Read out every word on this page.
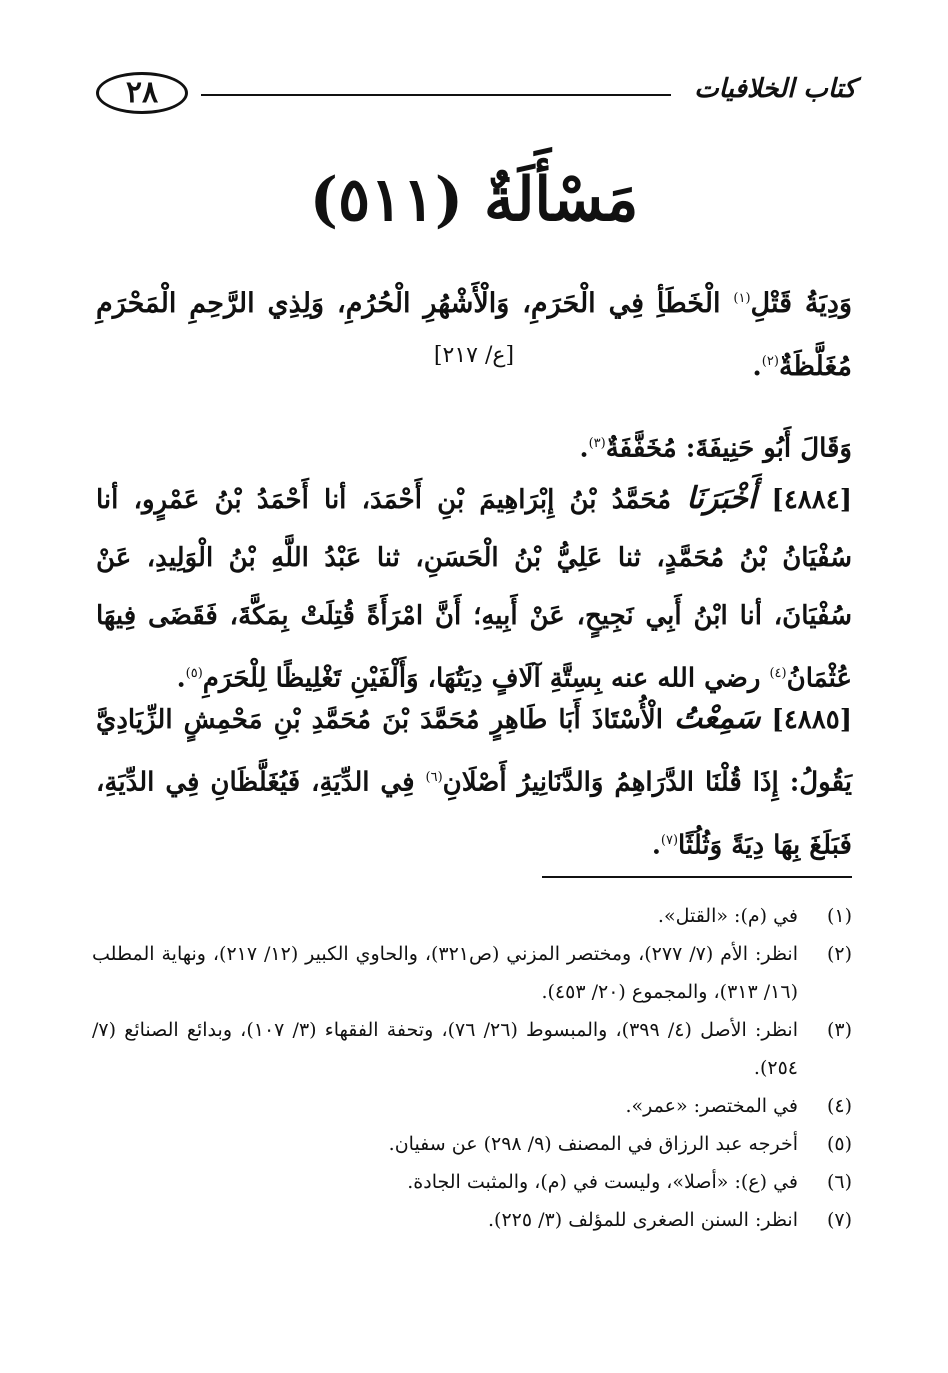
٢٨	كتاب الخلافيات
مَسْأَلَةٌ (٥١١)
وَدِيَةُ قَتْلِ$^{(١)}$ الْخَطَأِ فِي الْحَرَمِ، وَالْأَشْهُرِ الْحُرُمِ، وَلِذِي الرَّحِمِ الْمَحْرَمِ مُغَلَّظَةٌ$^{(٢)}$.
[ع/ ٢١٧]
وَقَالَ أَبُو حَنِيفَةَ: مُخَفَّفَةٌ$^{(٣)}$.
[٤٨٨٤] أَخْبَرَنَا مُحَمَّدُ بْنُ إِبْرَاهِيمَ بْنِ أَحْمَدَ، أنا أَحْمَدُ بْنُ عَمْرٍو، أنا سُفْيَانُ بْنُ مُحَمَّدٍ، ثنا عَلِيُّ بْنُ الْحَسَنِ، ثنا عَبْدُ اللَّهِ بْنُ الْوَلِيدِ، عَنْ سُفْيَانَ، أنا ابْنُ أَبِي نَجِيحٍ، عَنْ أَبِيهِ؛ أَنَّ امْرَأَةً قُتِلَتْ بِمَكَّةَ، فَقَضَى فِيهَا عُثْمَانُ$^{(٤)}$ رضي الله عنه بِسِتَّةِ آلَافٍ دِيَتُهَا، وَأَلْفَيْنِ تَغْلِيظًا لِلْحَرَمِ$^{(٥)}$.
[٤٨٨٥] سَمِعْتُ الْأُسْتَاذَ أَبَا طَاهِرٍ مُحَمَّدَ بْنَ مُحَمَّدِ بْنِ مَحْمِشٍ الزِّيَادِيَّ يَقُولُ: إِذَا قُلْنَا الدَّرَاهِمُ وَالدَّنَانِيرُ أَصْلَانِ$^{(٦)}$ فِي الدِّيَةِ، فَيُغَلَّظَانِ فِي الدِّيَةِ، فَبَلَغَ بِهَا دِيَةً وَثُلُثًا$^{(٧)}$.
(١)
في (م): «القتل».
(٢)
انظر: الأم (٧/ ٢٧٧)، ومختصر المزني (ص٣٢١)، والحاوي الكبير (١٢/ ٢١٧)، ونهاية المطلب (١٦/ ٣١٣)، والمجموع (٢٠/ ٤٥٣).
(٣)
انظر: الأصل (٤/ ٣٩٩)، والمبسوط (٢٦/ ٧٦)، وتحفة الفقهاء (٣/ ١٠٧)، وبدائع الصنائع (٧/ ٢٥٤).
(٤)
في المختصر: «عمر».
(٥)
أخرجه عبد الرزاق في المصنف (٩/ ٢٩٨) عن سفيان.
(٦)
في (ع): «أصلا»، وليست في (م)، والمثبت الجادة.
(٧)
انظر: السنن الصغرى للمؤلف (٣/ ٢٢٥).
